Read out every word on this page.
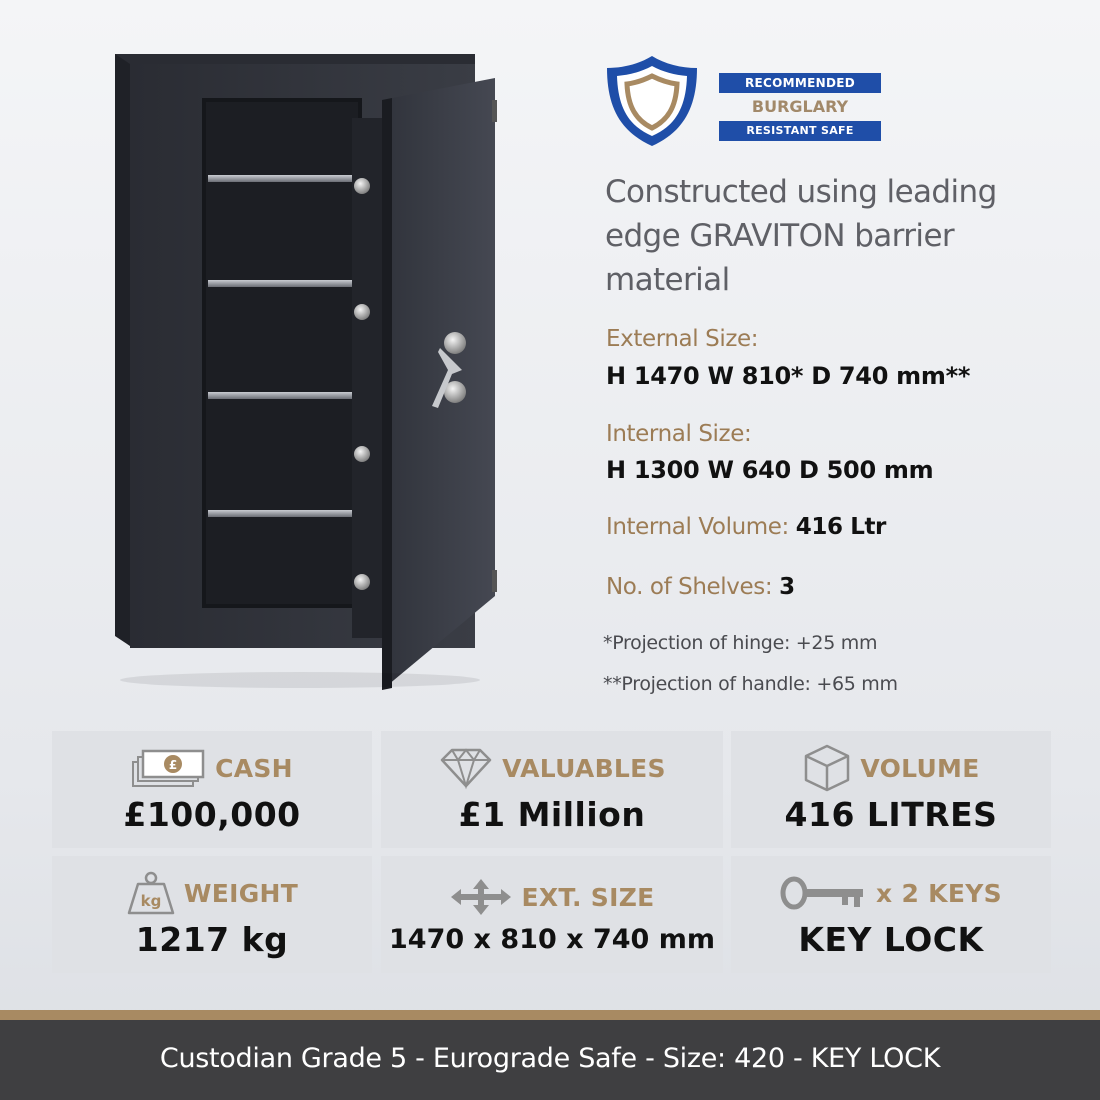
RECOMMENDED
BURGLARY
RESISTANT SAFE
Constructed using leading edge GRAVITON barrier material
External Size:
H 1470 W 810* D 740 mm**
Internal Size:
H 1300 W 640 D 500 mm
Internal Volume: 416 Ltr
No. of Shelves: 3
*Projection of hinge: +25 mm
**Projection of handle: +65 mm
£ CASH
£100,000
VALUABLES
£1 Million
VOLUME
416 LITRES
kg WEIGHT
1217 kg
EXT. SIZE
1470 x 810 x 740 mm
x 2 KEYS
KEY LOCK
Custodian Grade 5 - Eurograde Safe - Size: 420 - KEY LOCK
